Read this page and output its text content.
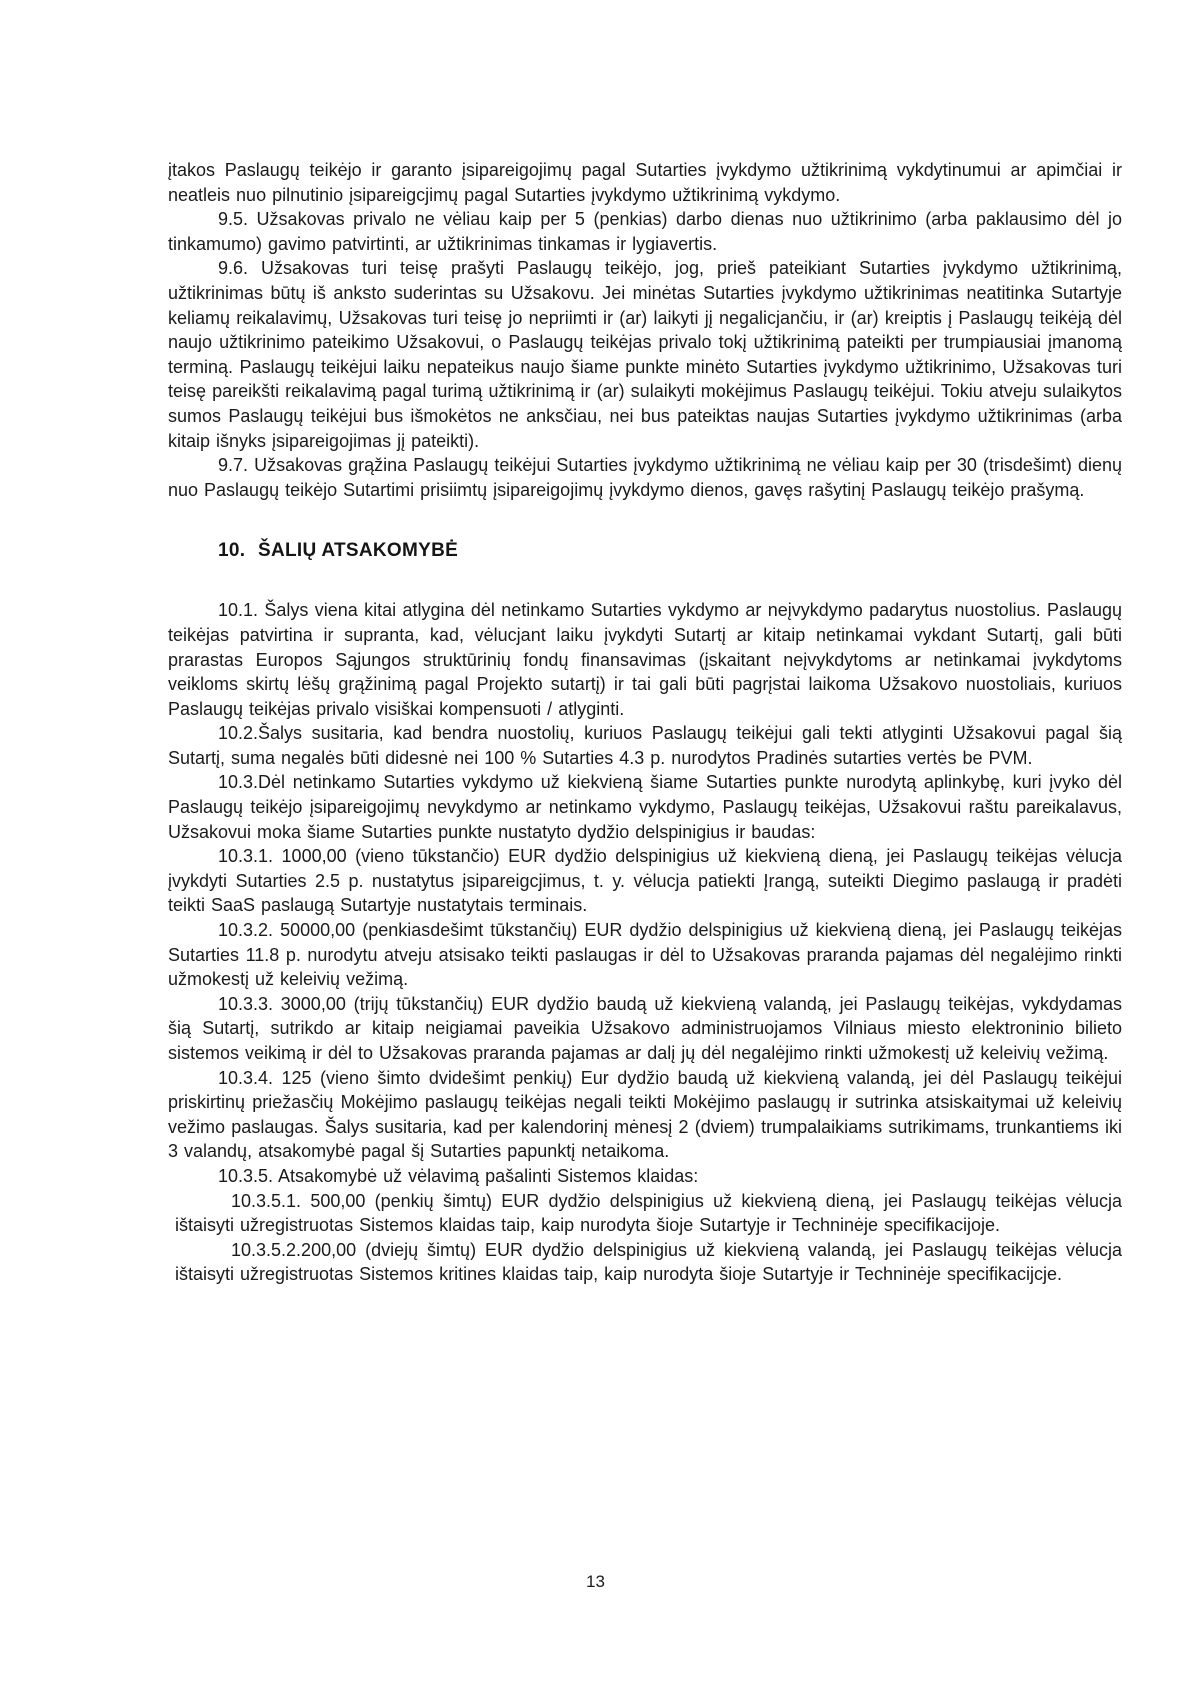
įtakos Paslaugų teikėjo ir garanto įsipareigojimų pagal Sutarties įvykdymo užtikrinimą vykdytinumui ar apimčiai ir neatleis nuo pilnutinio įsipareigcjimų pagal Sutarties įvykdymo užtikrinimą vykdymo.

9.5. Užsakovas privalo ne vėliau kaip per 5 (penkias) darbo dienas nuo užtikrinimo (arba paklausimo dėl jo tinkamumo) gavimo patvirtinti, ar užtikrinimas tinkamas ir lygiavertis.

9.6. Užsakovas turi teisę prašyti Paslaugų teikėjo, jog, prieš pateikiant Sutarties įvykdymo užtikrinimą, užtikrinimas būtų iš anksto suderintas su Užsakovu. Jei minėtas Sutarties įvykdymo užtikrinimas neatitinka Sutartyje keliamų reikalavimų, Užsakovas turi teisę jo nepriimti ir (ar) laikyti jį negalicjančiu, ir (ar) kreiptis į Paslaugų teikėją dėl naujo užtikrinimo pateikimo Užsakovui, o Paslaugų teikėjas privalo tokį užtikrinimą pateikti per trumpiausiai įmanomą terminą. Paslaugų teikėjui laiku nepateikus naujo šiame punkte minėto Sutarties įvykdymo užtikrinimo, Užsakovas turi teisę pareikšti reikalavimą pagal turimą užtikrinimą ir (ar) sulaikyti mokėjimus Paslaugų teikėjui. Tokiu atveju sulaikytos sumos Paslaugų teikėjui bus išmokėtos ne anksčiau, nei bus pateiktas naujas Sutarties įvykdymo užtikrinimas (arba kitaip išnyks įsipareigojimas jį pateikti).

9.7. Užsakovas grąžina Paslaugų teikėjui Sutarties įvykdymo užtikrinimą ne vėliau kaip per 30 (trisdešimt) dienų nuo Paslaugų teikėjo Sutartimi prisiimtų įsipareigojimų įvykdymo dienos, gavęs rašytinį Paslaugų teikėjo prašymą.

10. ŠALIŲ ATSAKOMYBĖ

10.1. Šalys viena kitai atlygina dėl netinkamo Sutarties vykdymo ar neįvykdymo padarytus nuostolius. Paslaugų teikėjas patvirtina ir supranta, kad, vėlucjant laiku įvykdyti Sutartį ar kitaip netinkamai vykdant Sutartį, gali būti prarastas Europos Sąjungos struktūrinių fondų finansavimas (įskaitant neįvykdytoms ar netinkamai įvykdytoms veikloms skirtų lėšų grąžinimą pagal Projekto sutartį) ir tai gali būti pagrįstai laikoma Užsakovo nuostoliais, kuriuos Paslaugų teikėjas privalo visiškai kompensuoti / atlyginti.

10.2.Šalys susitaria, kad bendra nuostolių, kuriuos Paslaugų teikėjui gali tekti atlyginti Užsakovui pagal šią Sutartį, suma negalės būti didesnė nei 100 % Sutarties 4.3 p. nurodytos Pradinės sutarties vertės be PVM.

10.3.Dėl netinkamo Sutarties vykdymo už kiekvieną šiame Sutarties punkte nurodytą aplinkybę, kuri įvyko dėl Paslaugų teikėjo įsipareigojimų nevykdymo ar netinkamo vykdymo, Paslaugų teikėjas, Užsakovui raštu pareikalavus, Užsakovui moka šiame Sutarties punkte nustatyto dydžio delspinigius ir baudas:

10.3.1. 1000,00 (vieno tūkstančio) EUR dydžio delspinigius už kiekvieną dieną, jei Paslaugų teikėjas vėlucja įvykdyti Sutarties 2.5 p. nustatytus įsipareigcjimus, t. y. vėlucja patiekti Įrangą, suteikti Diegimo paslaugą ir pradėti teikti SaaS paslaugą Sutartyje nustatytais terminais.

10.3.2. 50000,00 (penkiasdešimt tūkstančių) EUR dydžio delspinigius už kiekvieną dieną, jei Paslaugų teikėjas Sutarties 11.8 p. nurodytu atveju atsisako teikti paslaugas ir dėl to Užsakovas praranda pajamas dėl negalėjimo rinkti užmokestį už keleivių vežimą.

10.3.3. 3000,00 (trijų tūkstančių) EUR dydžio baudą už kiekvieną valandą, jei Paslaugų teikėjas, vykdydamas šią Sutartį, sutrikdo ar kitaip neigiamai paveikia Užsakovo administruojamos Vilniaus miesto elektroninio bilieto sistemos veikimą ir dėl to Užsakovas praranda pajamas ar dalį jų dėl negalėjimo rinkti užmokestį už keleivių vežimą.

10.3.4. 125 (vieno šimto dvidešimt penkių) Eur dydžio baudą už kiekvieną valandą, jei dėl Paslaugų teikėjui priskirtinų priežasčių Mokėjimo paslaugų teikėjas negali teikti Mokėjimo paslaugų ir sutrinka atsiskaitymai už keleivių vežimo paslaugas. Šalys susitaria, kad per kalendorinį mėnesį 2 (dviem) trumpalaikiams sutrikimams, trunkantiems iki 3 valandų, atsakomybė pagal šį Sutarties papunktį netaikoma.

10.3.5. Atsakomybė už vėlavimą pašalinti Sistemos klaidas:

10.3.5.1. 500,00 (penkių šimtų) EUR dydžio delspinigius už kiekvieną dieną, jei Paslaugų teikėjas vėlucja ištaisyti užregistruotas Sistemos klaidas taip, kaip nurodyta šioje Sutartyje ir Techninėje specifikacijoje.

10.3.5.2.200,00 (dviejų šimtų) EUR dydžio delspinigius už kiekvieną valandą, jei Paslaugų teikėjas vėlucja ištaisyti užregistruotas Sistemos kritines klaidas taip, kaip nurodyta šioje Sutartyje ir Techninėje specifikacijcje.

13
